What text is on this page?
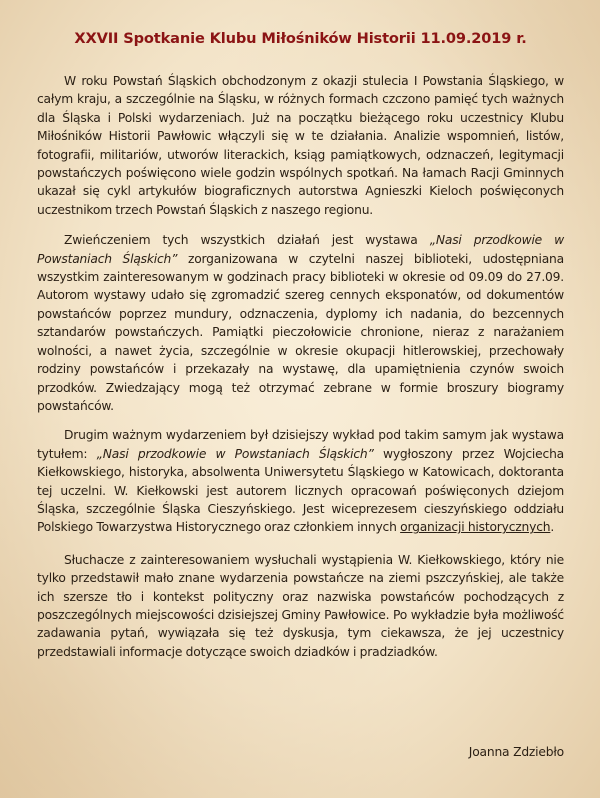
XXVII Spotkanie Klubu Miłośników Historii 11.09.2019 r.

W roku Powstań Śląskich obchodzonym z okazji stulecia I Powstania Śląskiego, w całym kraju, a szczególnie na Śląsku, w różnych formach czczono pamięć tych ważnych dla Śląska i Polski wydarzeniach. Już na początku bieżącego roku uczestnicy Klubu Miłośników Historii Pawłowic włączyli się w te działania. Analizie wspomnień, listów, fotografii, militariów, utworów literackich, ksiąg pamiątkowych, odznaczeń, legitymacji powstańczych poświęcono wiele godzin wspólnych spotkań. Na łamach Racji Gminnych ukazał się cykl artykułów biograficznych autorstwa Agnieszki Kieloch poświęconych uczestnikom trzech Powstań Śląskich z naszego regionu.

Zwieńczeniem tych wszystkich działań jest wystawa „Nasi przodkowie w Powstaniach Śląskich” zorganizowana w czytelni naszej biblioteki, udostępniana wszystkim zainteresowanym w godzinach pracy biblioteki w okresie od 09.09 do 27.09. Autorom wystawy udało się zgromadzić szereg cennych eksponatów, od dokumentów powstańców poprzez mundury, odznaczenia, dyplomy ich nadania, do bezcennych sztandarów powstańczych. Pamiątki pieczołowicie chronione, nieraz z narażaniem wolności, a nawet życia, szczególnie w okresie okupacji hitlerowskiej, przechowały rodziny powstańców i przekazały na wystawę, dla upamiętnienia czynów swoich przodków. Zwiedzający mogą też otrzymać zebrane w formie broszury biogramy powstańców.

Drugim ważnym wydarzeniem był dzisiejszy wykład pod takim samym jak wystawa tytułem: „Nasi przodkowie w Powstaniach Śląskich” wygłoszony przez Wojciecha Kiełkowskiego, historyka, absolwenta Uniwersytetu Śląskiego w Katowicach, doktoranta tej uczelni. W. Kiełkowski jest autorem licznych opracowań poświęconych dziejom Śląska, szczególnie Śląska Cieszyńskiego. Jest wiceprezesem cieszyńskiego oddziału Polskiego Towarzystwa Historycznego oraz członkiem innych organizacji historycznych.

Słuchacze z zainteresowaniem wysłuchali wystąpienia W. Kiełkowskiego, który nie tylko przedstawił mało znane wydarzenia powstańcze na ziemi pszczyńskiej, ale także ich szersze tło i kontekst polityczny oraz nazwiska powstańców pochodzących z poszczególnych miejscowości dzisiejszej Gminy Pawłowice. Po wykładzie była możliwość zadawania pytań, wywiązała się też dyskusja, tym ciekawsza, że jej uczestnicy przedstawiali informacje dotyczące swoich dziadków i pradziadków.

Joanna Zdziebło
